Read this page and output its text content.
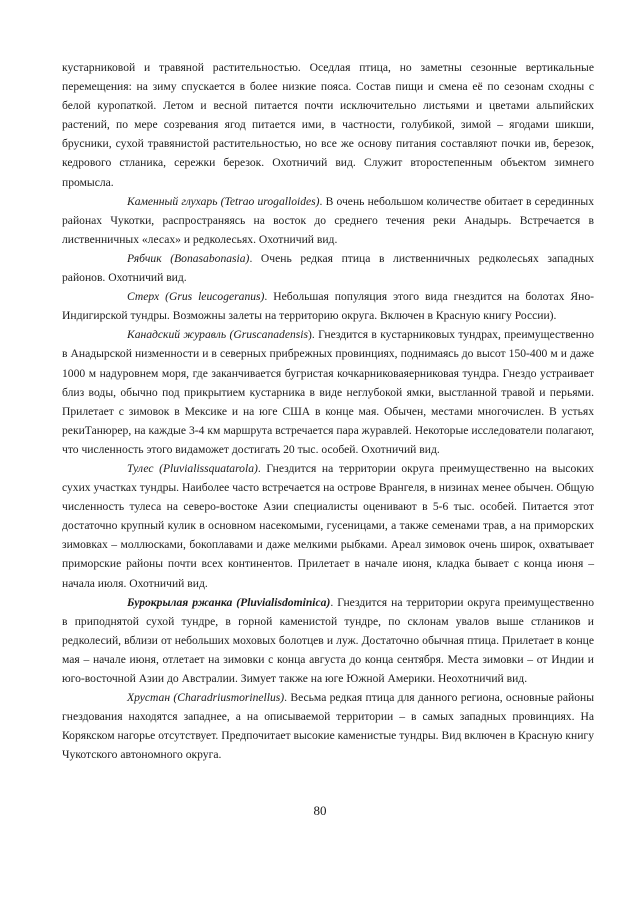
кустарниковой и травяной растительностью. Оседлая птица, но заметны сезонные вертикальные перемещения: на зиму спускается в более низкие пояса. Состав пищи и смена её по сезонам сходны с белой куропаткой. Летом и весной питается почти исключительно листьями и цветами альпийских растений, по мере созревания ягод питается ими, в частности, голубикой, зимой – ягодами шикши, брусники, сухой травянистой растительностью, но все же основу питания составляют почки ив, березок, кедрового стланика, сережки березок. Охотничий вид. Служит второстепенным объектом зимнего промысла.

Каменный глухарь (Tetrao urogalloides). В очень небольшом количестве обитает в серединных районах Чукотки, распространяясь на восток до среднего течения реки Анадырь. Встречается в лиственничных «лесах» и редколесьях. Охотничий вид.

Рябчик (Bonasabonasia). Очень редкая птица в лиственничных редколесьях западных районов. Охотничий вид.

Стерх (Grus leucogeranus). Небольшая популяция этого вида гнездится на болотах Яно-Индигирской тундры. Возможны залеты на территорию округа. Включен в Красную книгу России).

Канадский журавль (Gruscanadensis). Гнездится в кустарниковых тундрах, преимущественно в Анадырской низменности и в северных прибрежных провинциях, поднимаясь до высот 150-400 м и даже 1000 м надуровнем моря, где заканчивается бугристая кочкарниковаяерниковая тундра. Гнездо устраивает близ воды, обычно под прикрытием кустарника в виде неглубокой ямки, выстланной травой и перьями. Прилетает с зимовок в Мексике и на юге США в конце мая. Обычен, местами многочислен. В устьях рекиТанюрер, на каждые 3-4 км маршрута встречается пара журавлей. Некоторые исследователи полагают, что численность этого видаможет достигать 20 тыс. особей. Охотничий вид.

Тулес (Pluvialissquatarola). Гнездится на территории округа преимущественно на высоких сухих участках тундры. Наиболее часто встречается на острове Врангеля, в низинах менее обычен. Общую численность тулеса на северо-востоке Азии специалисты оценивают в 5-6 тыс. особей. Питается этот достаточно крупный кулик в основном насекомыми, гусеницами, а также семенами трав, а на приморских зимовках – моллюсками, бокоплавами и даже мелкими рыбками. Ареал зимовок очень широк, охватывает приморские районы почти всех континентов. Прилетает в начале июня, кладка бывает с конца июня – начала июля. Охотничий вид.

Бурокрылая ржанка (Pluvialisdominica). Гнездится на территории округа преимущественно в приподнятой сухой тундре, в горной каменистой тундре, по склонам увалов выше стлаников и редколесий, вблизи от небольших моховых болотцев и луж. Достаточно обычная птица. Прилетает в конце мая – начале июня, отлетает на зимовки с конца августа до конца сентября. Места зимовки – от Индии и юго-восточной Азии до Австралии. Зимует также на юге Южной Америки. Неохотничий вид.

Хрустан (Charadriusmorinellus). Весьма редкая птица для данного региона, основные районы гнездования находятся западнее, а на описываемой территории – в самых западных провинциях. На Корякском нагорье отсутствует. Предпочитает высокие каменистые тундры. Вид включен в Красную книгу Чукотского автономного округа.

80
